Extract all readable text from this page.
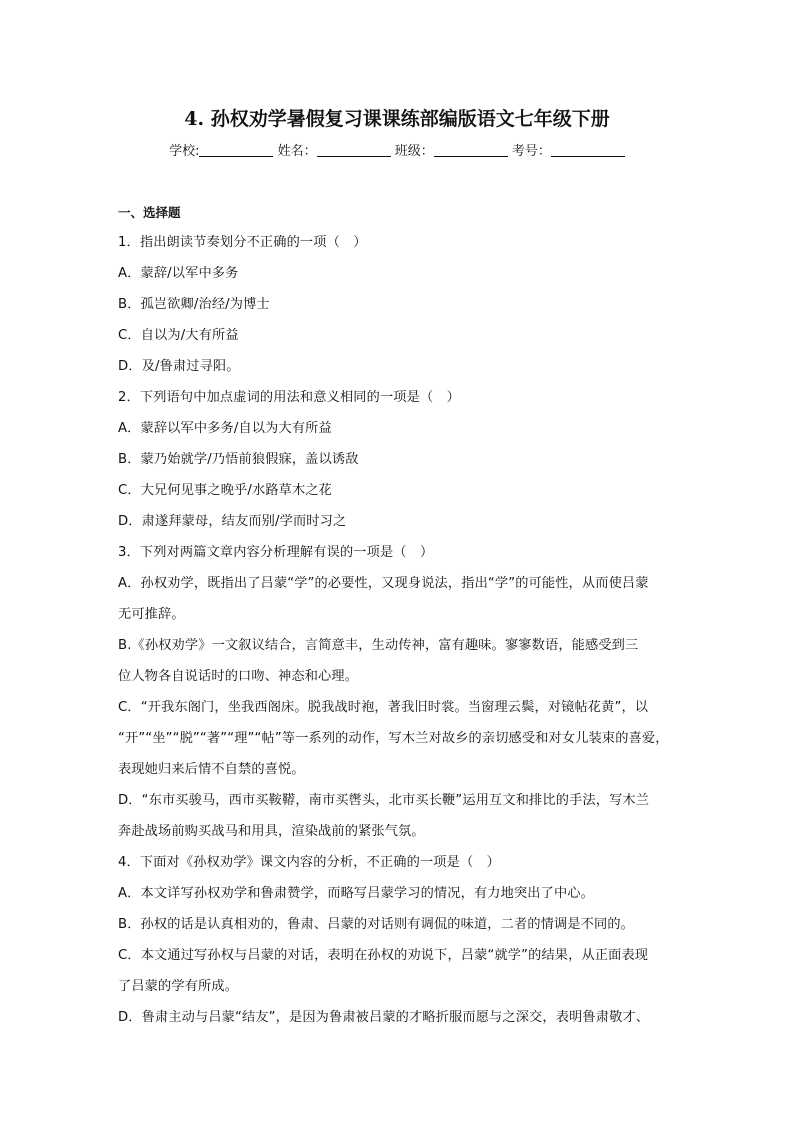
4. 孙权劝学暑假复习课课练部编版语文七年级下册
学校:	姓名：	班级：	考号：
一、选择题
1．指出朗读节奏划分不正确的一项（　）
A．蒙辞/以军中多务
B．孤岂欲卿/治经/为博士
C．自以为/大有所益
D．及/鲁肃过寻阳。
2．下列语句中加点虚词的用法和意义相同的一项是（　）
A．蒙辞以军中多务/自以为大有所益
B．蒙乃始就学/乃悟前狼假寐，盖以诱敌
C．大兄何见事之晚乎/水路草木之花
D．肃遂拜蒙母，结友而别/学而时习之
3．下列对两篇文章内容分析理解有误的一项是（　）
A．孙权劝学，既指出了吕蒙“学”的必要性，又现身说法，指出“学”的可能性，从而使吕蒙
无可推辞。
B.《孙权劝学》一文叙议结合，言简意丰，生动传神，富有趣味。寥寥数语，能感受到三
位人物各自说话时的口吻、神态和心理。
C．“开我东阁门，坐我西阁床。脱我战时袍，著我旧时裳。当窗理云鬓，对镜帖花黄”，以
“开”“坐”“脱”“著”“理”“帖”等一系列的动作，写木兰对故乡的亲切感受和对女儿装束的喜爱，
表现她归来后情不自禁的喜悦。
D．“东市买骏马，西市买鞍鞯，南市买辔头，北市买长鞭”运用互文和排比的手法，写木兰
奔赴战场前购买战马和用具，渲染战前的紧张气氛。
4．下面对《孙权劝学》课文内容的分析，不正确的一项是（　）
A．本文详写孙权劝学和鲁肃赞学，而略写吕蒙学习的情况，有力地突出了中心。
B．孙权的话是认真相劝的，鲁肃、吕蒙的对话则有调侃的味道，二者的情调是不同的。
C．本文通过写孙权与吕蒙的对话，表明在孙权的劝说下，吕蒙“就学”的结果，从正面表现
了吕蒙的学有所成。
D．鲁肃主动与吕蒙“结友”，是因为鲁肃被吕蒙的才略折服而愿与之深交，表明鲁肃敬才、
